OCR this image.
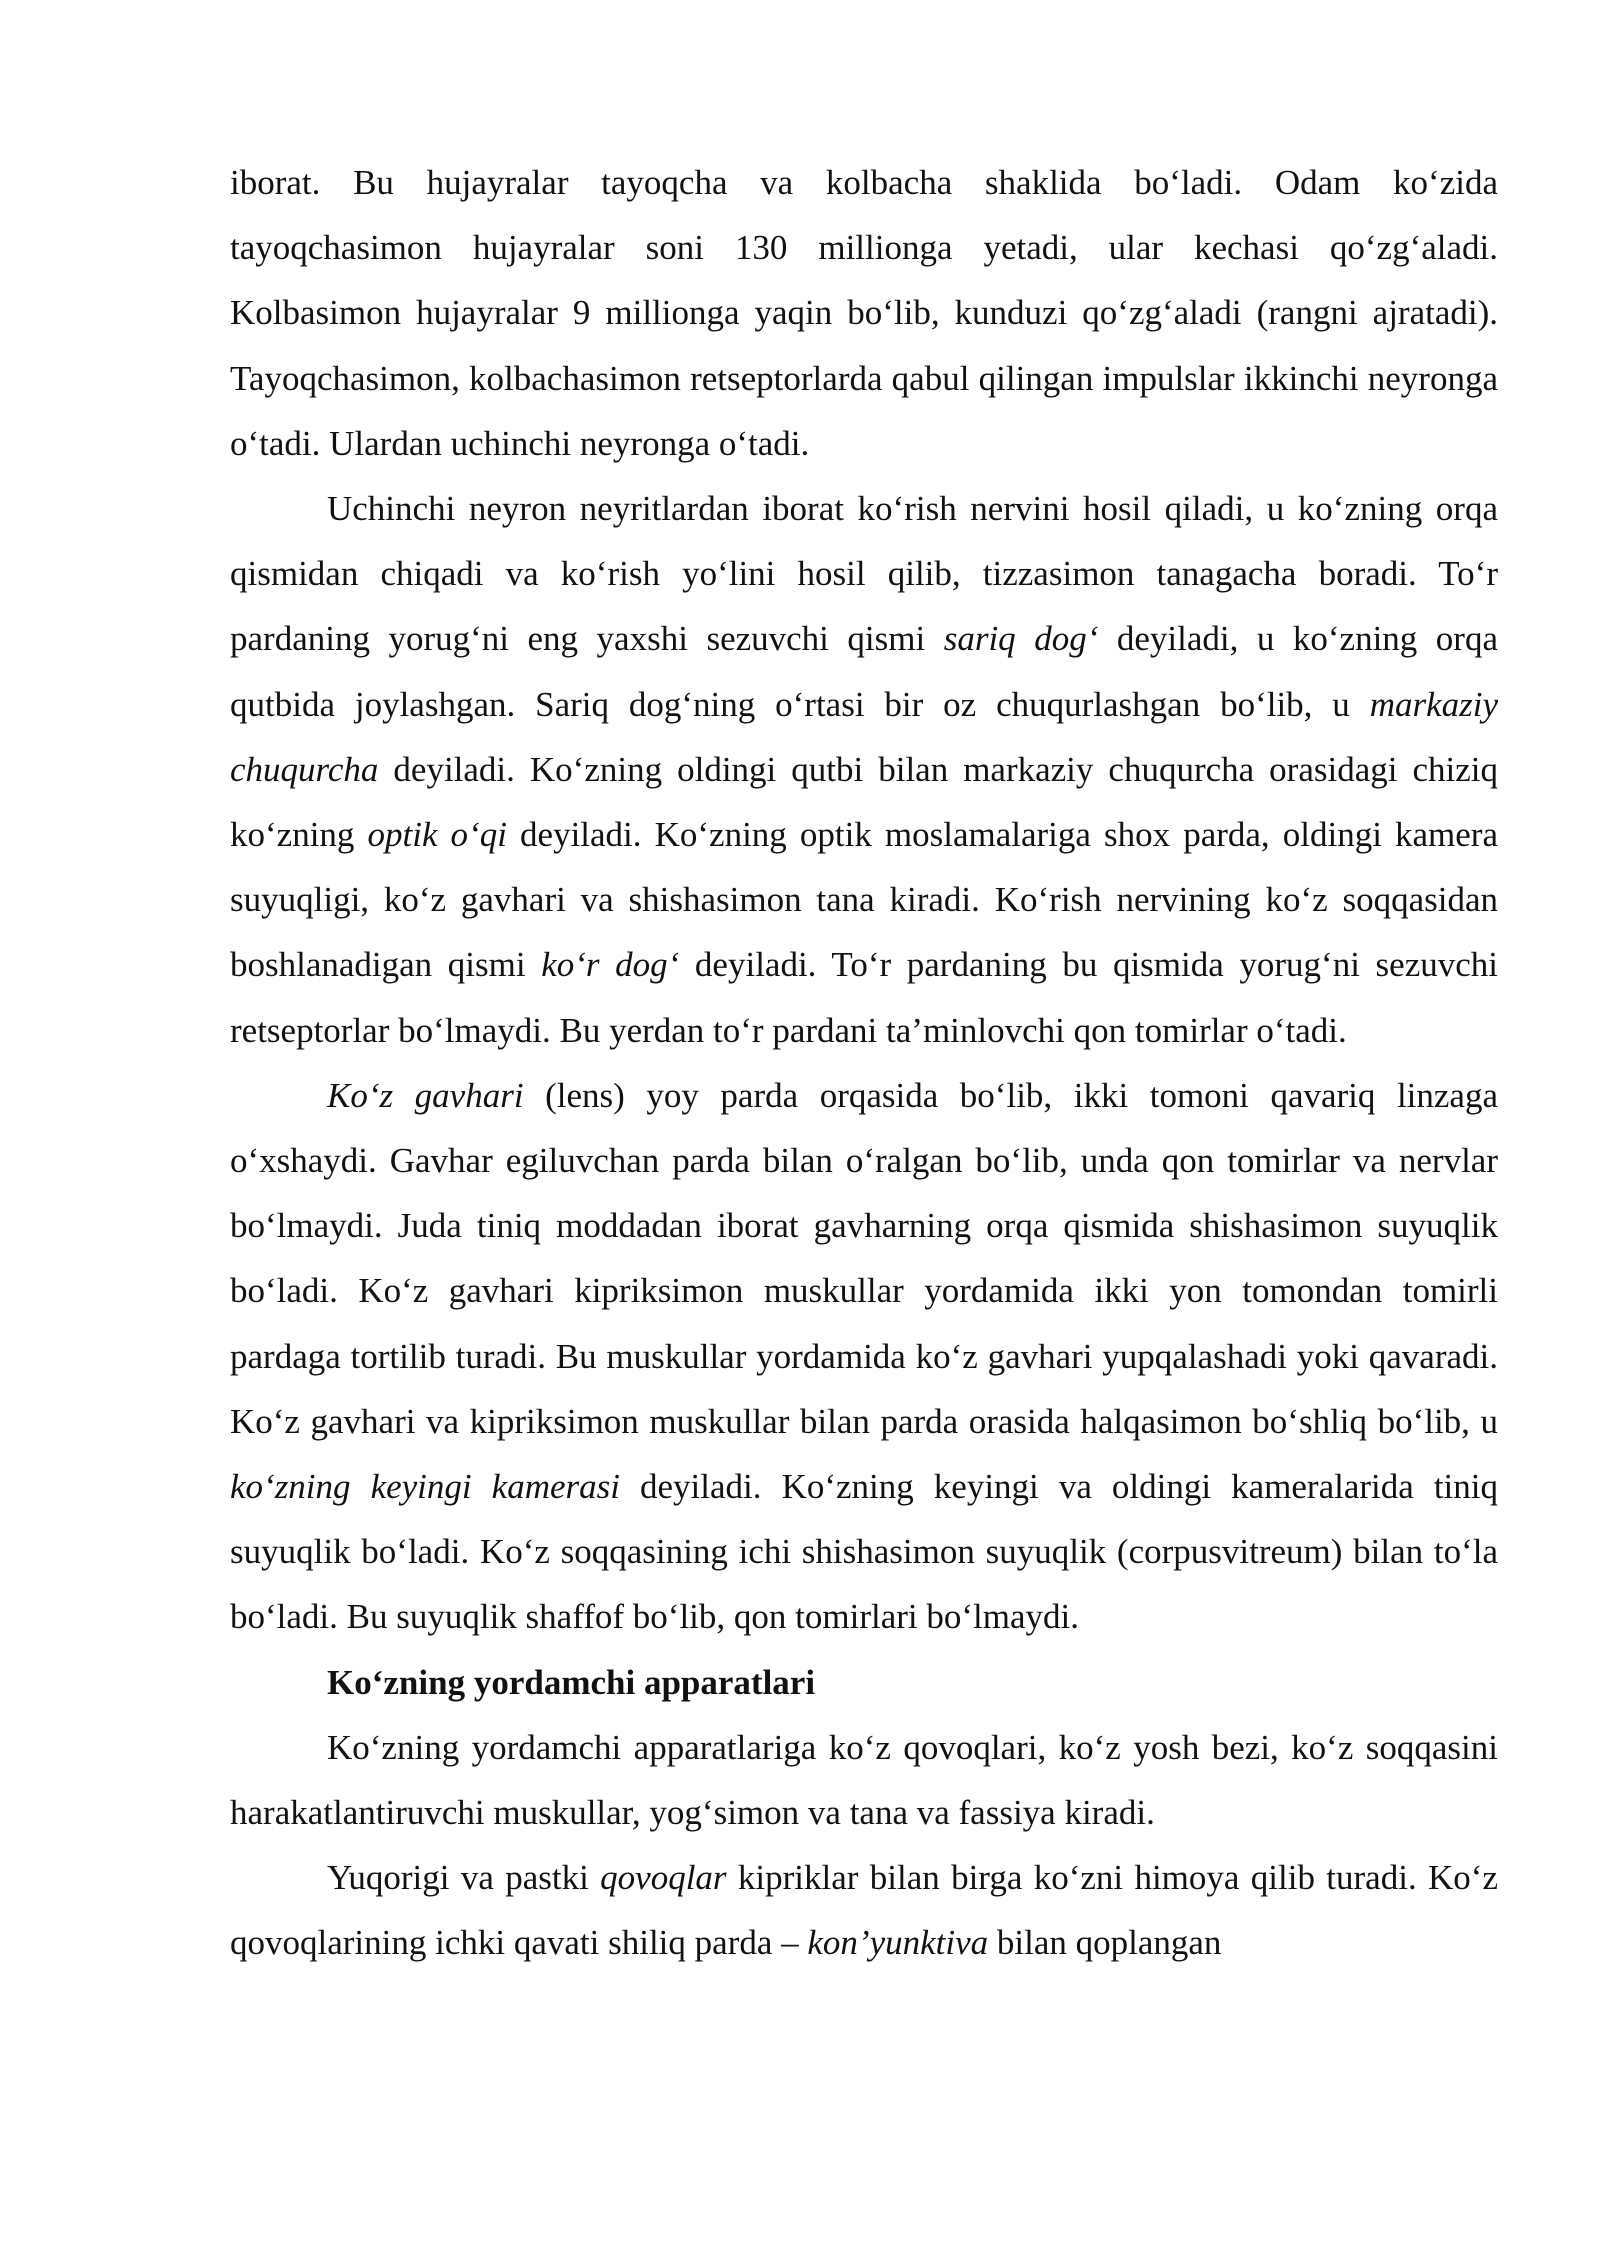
iborat. Bu hujayralar tayoqcha va kolbacha shaklida bo‘ladi. Odam ko‘zida tayoqchasimon hujayralar soni 130 millionga yetadi, ular kechasi qo‘zg‘aladi. Kolbasimon hujayralar 9 millionga yaqin bo‘lib, kunduzi qo‘zg‘aladi (rangni ajratadi). Tayoqchasimon, kolbachasimon retseptorlarda qabul qilingan impulslar ikkinchi neyronga o‘tadi. Ulardan uchinchi neyronga o‘tadi.

Uchinchi neyron neyritlardan iborat ko‘rish nervini hosil qiladi, u ko‘zning orqa qismidan chiqadi va ko‘rish yo‘lini hosil qilib, tizzasimon tanagacha boradi. To‘r pardaning yorug‘ni eng yaxshi sezuvchi qismi sariq dog‘ deyiladi, u ko‘zning orqa qutbida joylashgan. Sariq dog‘ning o‘rtasi bir oz chuqurlashgan bo‘lib, u markaziy chuqurcha deyiladi. Ko‘zning oldingi qutbi bilan markaziy chuqurcha orasidagi chiziq ko‘zning optik o‘qi deyiladi. Ko‘zning optik moslamalariga shox parda, oldingi kamera suyuqligi, ko‘z gavhari va shishasimon tana kiradi. Ko‘rish nervining ko‘z soqqasidan boshlanadigan qismi ko‘r dog‘ deyiladi. To‘r pardaning bu qismida yorug‘ni sezuvchi retseptorlar bo‘lmaydi. Bu yerdan to‘r pardani ta’minlovchi qon tomirlar o‘tadi.

Ko‘z gavhari (lens) yoy parda orqasida bo‘lib, ikki tomoni qavariq linzaga o‘xshaydi. Gavhar egiluvchan parda bilan o‘ralgan bo‘lib, unda qon tomirlar va nervlar bo‘lmaydi. Juda tiniq moddadan iborat gavharning orqa qismida shishasimon suyuqlik bo‘ladi. Ko‘z gavhari kipriksimon muskullar yordamida ikki yon tomondan tomirli pardaga tortilib turadi. Bu muskullar yordamida ko‘z gavhari yupqalashadi yoki qavaradi. Ko‘z gavhari va kipriksimon muskullar bilan parda orasida halqasimon bo‘shliq bo‘lib, u ko‘zning keyingi kamerasi deyiladi. Ko‘zning keyingi va oldingi kameralarida tiniq suyuqlik bo‘ladi. Ko‘z soqqasining ichi shishasimon suyuqlik (corpusvitreum) bilan to‘la bo‘ladi. Bu suyuqlik shaffof bo‘lib, qon tomirlari bo‘lmaydi.

Ko‘zning yordamchi apparatlari

Ko‘zning yordamchi apparatlariga ko‘z qovoqlari, ko‘z yosh bezi, ko‘z soqqasini harakatlantiruvchi muskullar, yog‘simon va tana va fassiya kiradi.

Yuqorigi va pastki qovoqlar kipriklar bilan birga ko‘zni himoya qilib turadi. Ko‘z qovoqlarining ichki qavati shiliq parda – kon’yunktiva bilan qoplangan
